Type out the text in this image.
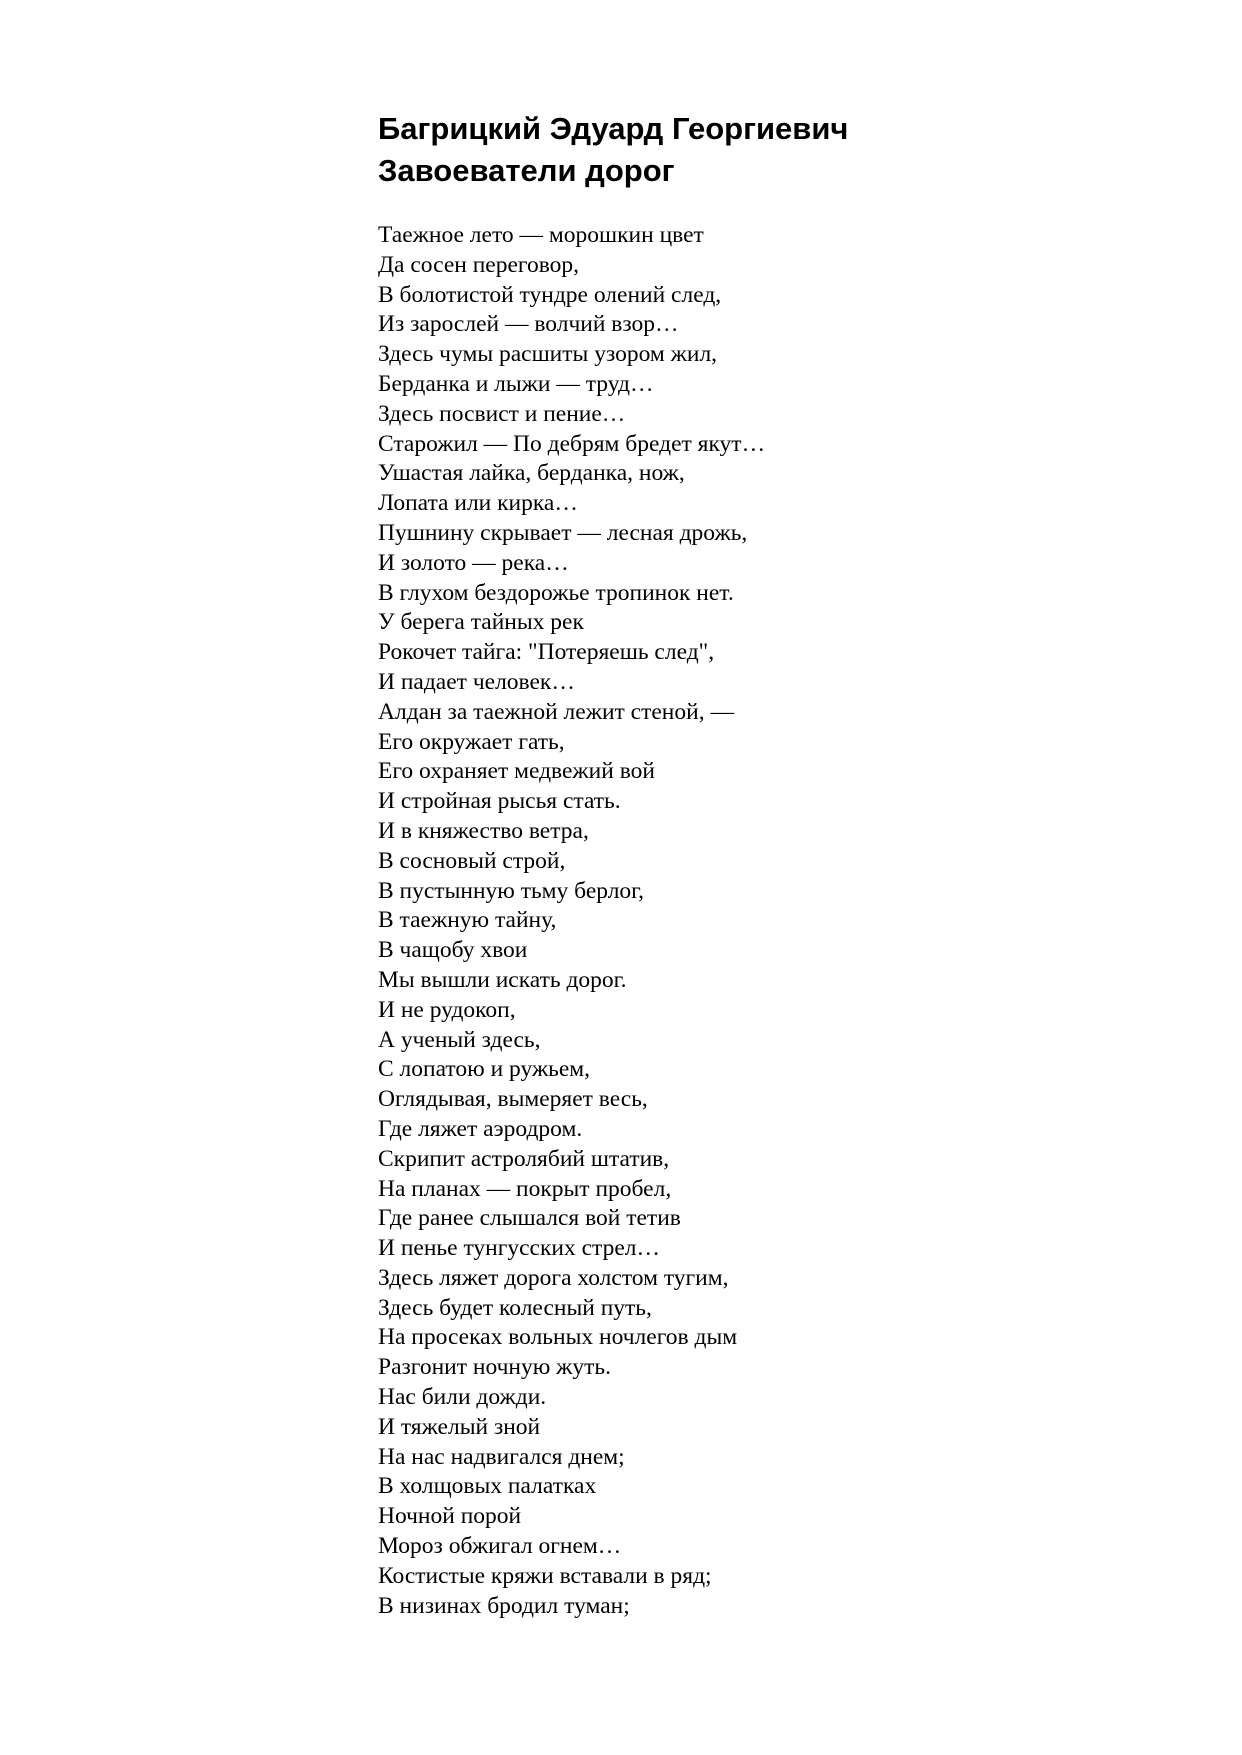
Багрицкий Эдуард Георгиевич
Завоеватели дорог
Таежное лето — морошкин цвет
Да сосен переговор,
В болотистой тундре олений след,
Из зарослей — волчий взор…
Здесь чумы расшиты узором жил,
Берданка и лыжи — труд…
Здесь посвист и пение…
Старожил — По дебрям бредет якут…
Ушастая лайка, берданка, нож,
Лопата или кирка…
Пушнину скрывает — лесная дрожь,
И золото — река…
В глухом бездорожье тропинок нет.
У берега тайных рек
Рокочет тайга: "Потеряешь след",
И падает человек…
Алдан за таежной лежит стеной, —
Его окружает гать,
Его охраняет медвежий вой
И стройная рысья стать.
И в княжество ветра,
В сосновый строй,
В пустынную тьму берлог,
В таежную тайну,
В чащобу хвои
Мы вышли искать дорог.
И не рудокоп,
А ученый здесь,
С лопатою и ружьем,
Оглядывая, вымеряет весь,
Где ляжет аэродром.
Скрипит астролябий штатив,
На планах — покрыт пробел,
Где ранее слышался вой тетив
И пенье тунгусских стрел…
Здесь ляжет дорога холстом тугим,
Здесь будет колесный путь,
На просеках вольных ночлегов дым
Разгонит ночную жуть.
Нас били дожди.
И тяжелый зной
На нас надвигался днем;
В холщовых палатках
Ночной порой
Мороз обжигал огнем…
Костистые кряжи вставали в ряд;
В низинах бродил туман;
